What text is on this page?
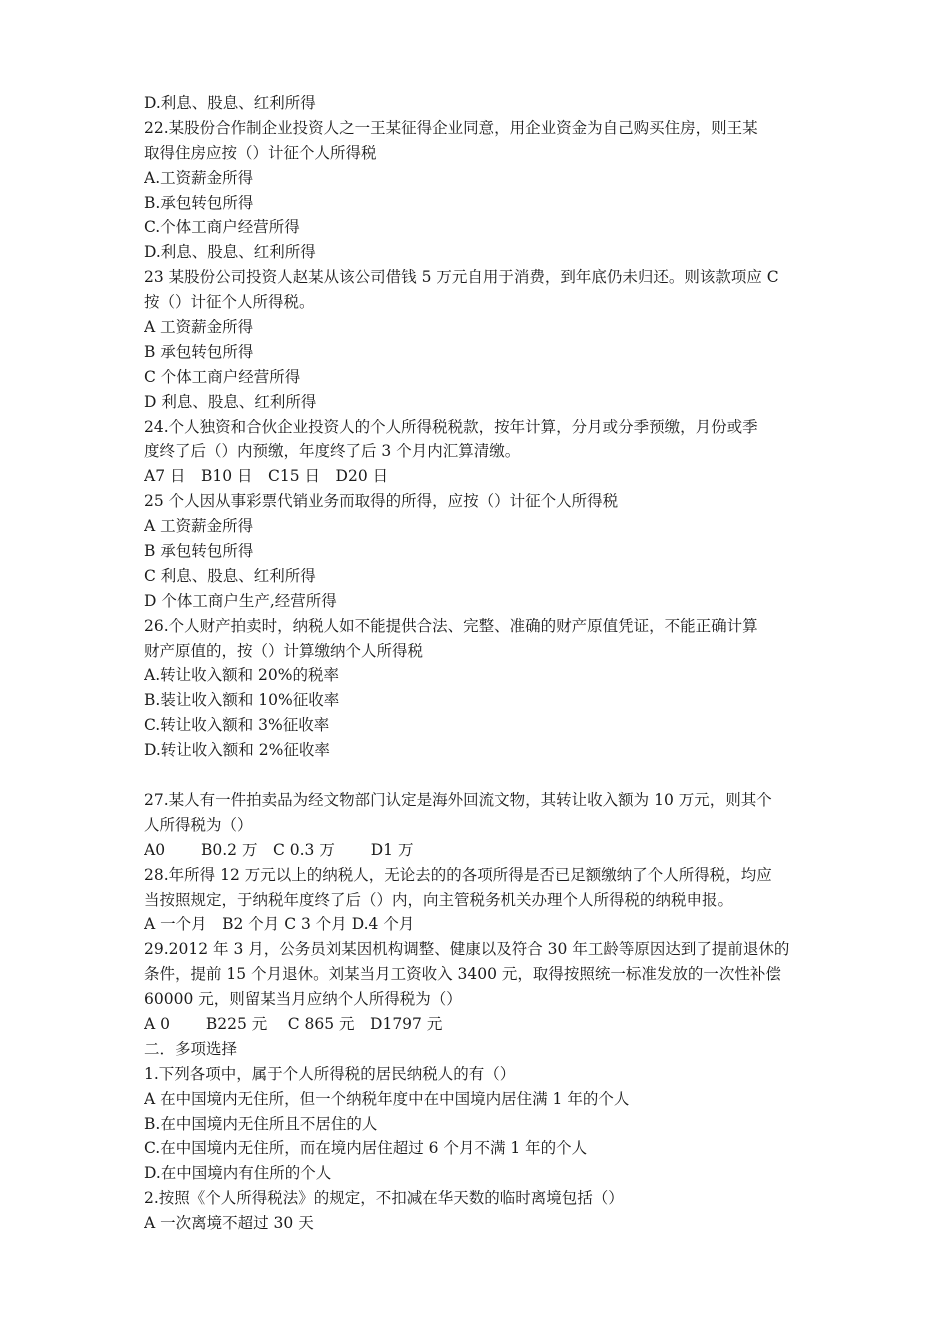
D.利息、股息、红利所得
22.某股份合作制企业投资人之一王某征得企业同意，用企业资金为自己购买住房，则王某
取得住房应按（）计征个人所得税
A.工资薪金所得
B.承包转包所得
C.个体工商户经营所得
D.利息、股息、红利所得
23 某股份公司投资人赵某从该公司借钱 5 万元自用于消费，到年底仍未归还。则该款项应 C
按（）计征个人所得税。
A 工资薪金所得
B 承包转包所得
C 个体工商户经营所得
D 利息、股息、红利所得
24.个人独资和合伙企业投资人的个人所得税税款，按年计算，分月或分季预缴，月份或季
度终了后（）内预缴，年度终了后 3 个月内汇算清缴。
A7 日　B10 日　C15 日　D20 日
25 个人因从事彩票代销业务而取得的所得，应按（）计征个人所得税
A 工资薪金所得
B 承包转包所得
C 利息、股息、红利所得
D 个体工商户生产,经营所得
26.个人财产拍卖时，纳税人如不能提供合法、完整、准确的财产原值凭证，不能正确计算
财产原值的，按（）计算缴纳个人所得税
A.转让收入额和 20%的税率
B.装让收入额和 10%征收率
C.转让收入额和 3%征收率
D.转让收入额和 2%征收率
27.某人有一件拍卖品为经文物部门认定是海外回流文物，其转让收入额为 10 万元，则其个
人所得税为（）
A0　　 B0.2 万　C 0.3 万　　 D1 万
28.年所得 12 万元以上的纳税人，无论去的的各项所得是否已足额缴纳了个人所得税，均应
当按照规定，于纳税年度终了后（）内，向主管税务机关办理个人所得税的纳税申报。
A 一个月　B2 个月 C 3 个月 D.4 个月
29.2012 年 3 月，公务员刘某因机构调整、健康以及符合 30 年工龄等原因达到了提前退休的
条件，提前 15 个月退休。刘某当月工资收入 3400 元，取得按照统一标准发放的一次性补偿
60000 元，则留某当月应纳个人所得税为（）
A 0　　 B225 元　 C 865 元　D1797 元
二．多项选择
1.下列各项中，属于个人所得税的居民纳税人的有（）
A 在中国境内无住所，但一个纳税年度中在中国境内居住满 1 年的个人
B.在中国境内无住所且不居住的人
C.在中国境内无住所，而在境内居住超过 6 个月不满 1 年的个人
D.在中国境内有住所的个人
2.按照《个人所得税法》的规定，不扣减在华天数的临时离境包括（）
A 一次离境不超过 30 天
